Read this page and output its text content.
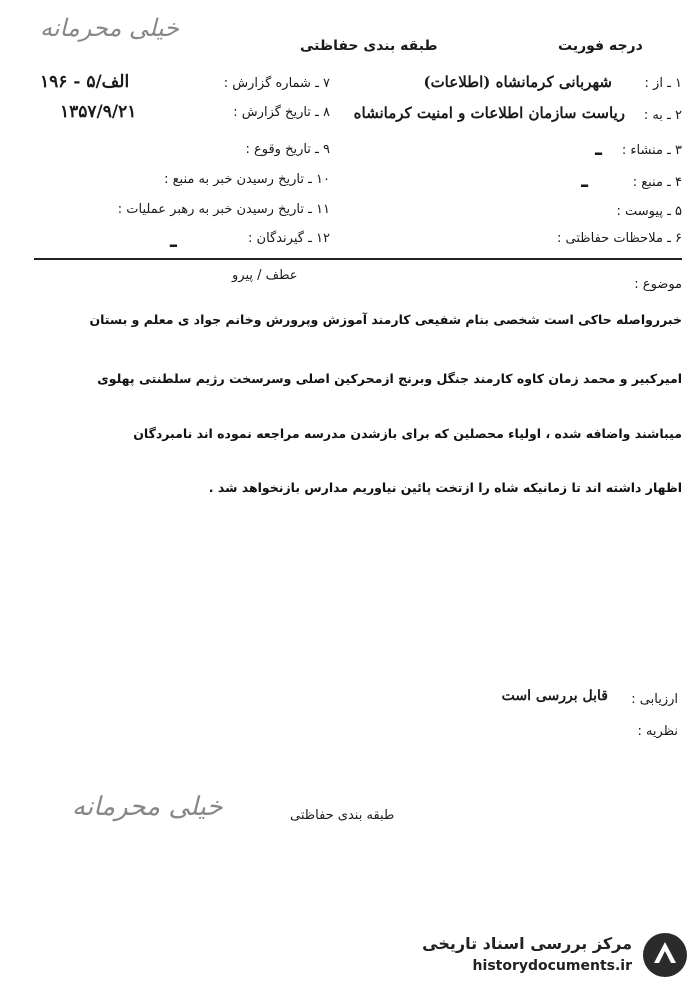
خیلی محرمانه
طبقه بندی حفاظتی	درجه فوریت
۷ ـ شماره گزارش :
الف/۵ - ۱۹۶
۸ ـ تاریخ گزارش :
۱۳۵۷/۹/۲۱
۹ ـ تاریخ وقوع :
۱۰ ـ تاریخ رسیدن خبر به منبع :
۱۱ ـ تاریخ رسیدن خبر به رهبر عملیات :
۱۲ ـ گیرندگان :
ـ
۱ ـ از :
شهربانی کرمانشاه (اطلاعات)
۲ ـ به :
ریاست سازمان اطلاعات و امنیت کرمانشاه
۳ ـ منشاء :
ـ
۴ ـ منبع :
ـ
۵ ـ پیوست :
۶ ـ ملاحظات حفاظتی :
موضوع :
عطف / پیرو
خبررواصله حاکی است شخصی بنام شفیعی کارمند آموزش وپرورش وخانم جواد ی معلم و بستان
امیرکبیر و محمد زمان کاوه کارمند جنگل وبرنج ازمحرکین اصلی وسرسخت رژیم سلطنتی پهلوی
میباشند واضافه شده ، اولیاء محصلین که برای بازشدن مدرسه مراجعه نموده اند نامبردگان
اظهار داشته اند تا زمانیکه شاه را ازتخت پائین نیاوریم مدارس بازنخواهد شد .
ارزیابی :
قابل بررسی است
نظریه :
خیلی محرمانه	طبقه بندی حفاظتی
مرکز بررسی اسناد تاریخی
historydocuments.ir
